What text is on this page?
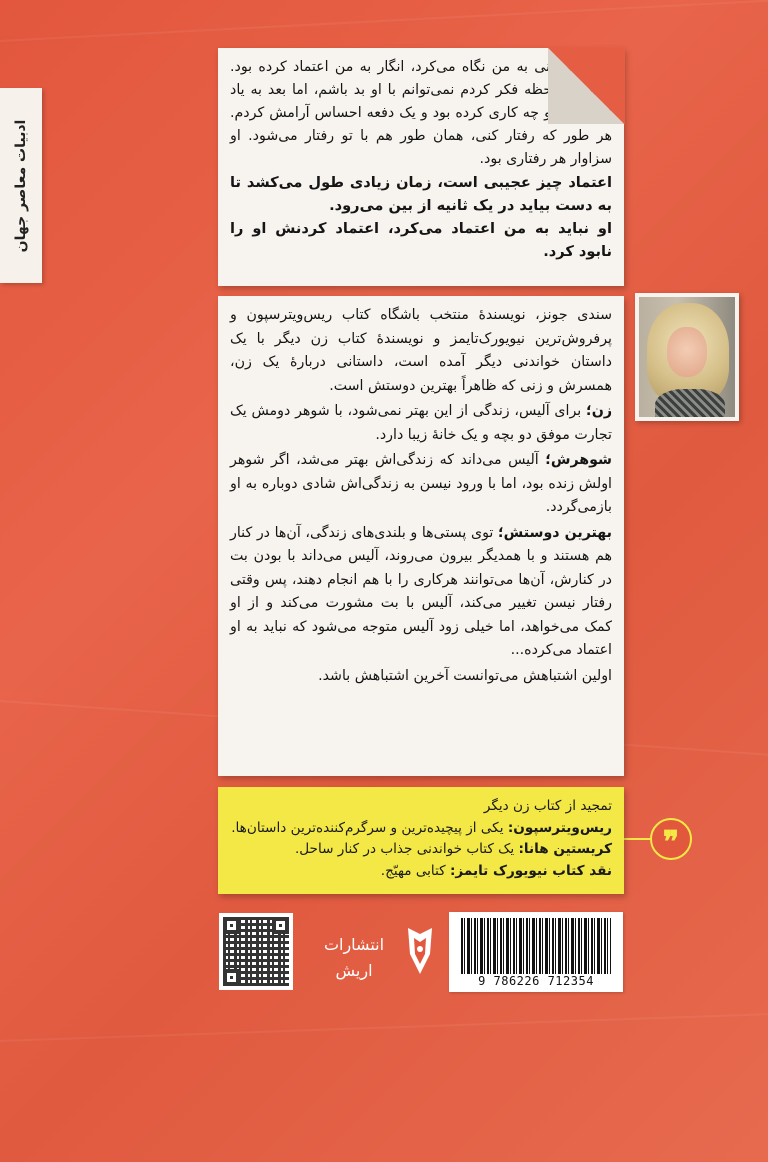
ادبیات معاصر جهان

او با مهربانی به من نگاه می‌کرد، انگار به من اعتماد کرده بود. برای یک لحظه فکر کردم نمی‌توانم با او بد باشم، اما بعد به یاد آوردم که او چه کاری کرده بود و یک دفعه احساس آرامش کردم. هر طور که رفتار کنی، همان طور هم با تو رفتار می‌شود. او سزاوار هر رفتاری بود.

اعتماد چیز عجیبی است، زمان زیادی طول می‌کشد تا به دست بیاید در یک ثانیه از بین می‌رود.

او نباید به من اعتماد می‌کرد، اعتماد کردنش او را نابود کرد.

سندی جونز، نویسندۀ منتخب باشگاه کتاب ریس‌ویترسپون و پرفروش‌ترین نیویورک‌تایمز و نویسندۀ کتاب زن دیگر با یک داستان خواندنی دیگر آمده است، داستانی دربارۀ یک زن، همسرش و زنی که ظاهراً بهترین دوستش است.

زن؛ برای آلیس، زندگی از این بهتر نمی‌شود، با شوهر دومش یک تجارت موفق دو بچه و یک خانۀ زیبا دارد.

شوهرش؛ آلیس می‌داند که زندگی‌اش بهتر می‌شد، اگر شوهر اولش زنده بود، اما با ورود نیسن به زندگی‌اش شادی دوباره به او بازمی‌گردد.

بهترین دوستش؛ توی پستی‌ها و بلندی‌های زندگی، آن‌ها در کنار هم هستند و با همدیگر بیرون می‌روند، آلیس می‌داند با بودن بت در کنارش، آن‌ها می‌توانند هرکاری را با هم انجام دهند، پس وقتی رفتار نیسن تغییر می‌کند، آلیس با بت مشورت می‌کند و از او کمک می‌خواهد، اما خیلی زود آلیس متوجه می‌شود که نباید به او اعتماد می‌کرده...

اولین اشتباهش می‌توانست آخرین اشتباهش باشد.

❞
تمجید از کتاب زن دیگر
ریس‌ویترسپون: یکی از پیچیده‌ترین و سرگرم‌کننده‌ترین داستان‌ها.
کریستین هانا: یک کتاب خواندنی جذاب در کنار ساحل.
نقد کتاب نیویورک تایمز: کتابی مهیّج.
انتشارات
اریش
9 786226 712354
